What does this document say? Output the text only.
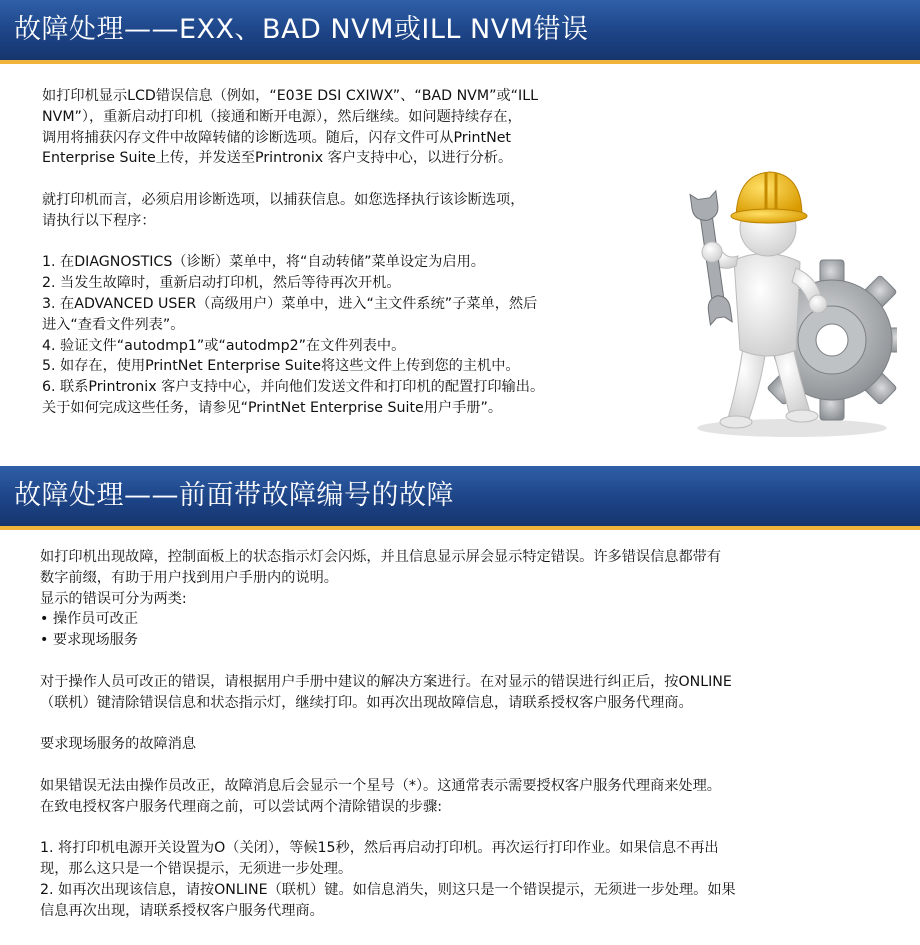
故障处理——EXX、BAD NVM或ILL NVM错误

如打印机显示LCD错误信息（例如，“E03E DSI CXIWX”、“BAD NVM”或“ILL

NVM”），重新启动打印机（接通和断开电源），然后继续。如问题持续存在，

调用将捕获闪存文件中故障转储的诊断选项。随后，闪存文件可从PrintNet

Enterprise Suite上传，并发送至Printronix 客户支持中心，以进行分析。

就打印机而言，必须启用诊断选项，以捕获信息。如您选择执行该诊断选项，

请执行以下程序：

1. 在DIAGNOSTICS（诊断）菜单中，将“自动转储”菜单设定为启用。

2. 当发生故障时，重新启动打印机，然后等待再次开机。

3. 在ADVANCED USER（高级用户）菜单中，进入“主文件系统”子菜单，然后

进入“查看文件列表”。

4. 验证文件“autodmp1”或“autodmp2”在文件列表中。

5. 如存在，使用PrintNet Enterprise Suite将这些文件上传到您的主机中。

6. 联系Printronix 客户支持中心，并向他们发送文件和打印机的配置打印输出。

关于如何完成这些任务，请参见“PrintNet Enterprise Suite用户手册”。

故障处理——前面带故障编号的故障

如打印机出现故障，控制面板上的状态指示灯会闪烁，并且信息显示屏会显示特定错误。许多错误信息都带有

数字前缀，有助于用户找到用户手册内的说明。

显示的错误可分为两类:

• 操作员可改正

• 要求现场服务

对于操作人员可改正的错误，请根据用户手册中建议的解决方案进行。在对显示的错误进行纠正后，按ONLINE

（联机）键清除错误信息和状态指示灯，继续打印。如再次出现故障信息，请联系授权客户服务代理商。

要求现场服务的故障消息

如果错误无法由操作员改正，故障消息后会显示一个星号（*）。这通常表示需要授权客户服务代理商来处理。

在致电授权客户服务代理商之前，可以尝试两个清除错误的步骤:

1. 将打印机电源开关设置为O（关闭），等候15秒，然后再启动打印机。再次运行打印作业。如果信息不再出

现，那么这只是一个错误提示，无须进一步处理。

2. 如再次出现该信息，请按ONLINE（联机）键。如信息消失，则这只是一个错误提示，无须进一步处理。如果

信息再次出现，请联系授权客户服务代理商。
